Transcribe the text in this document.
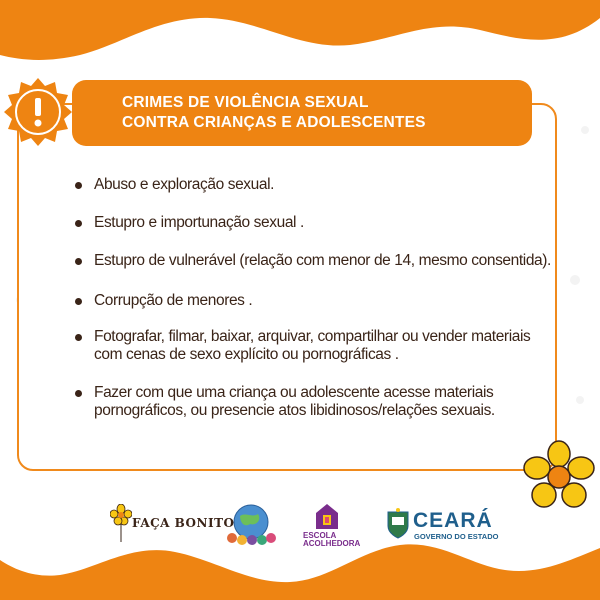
CRIMES DE VIOLÊNCIA SEXUAL
CONTRA CRIANÇAS E ADOLESCENTES
Abuso e exploração sexual.
Estupro e importunação sexual .
Estupro de vulnerável (relação com menor de 14, mesmo consentida).
Corrupção de menores .
Fotografar, filmar, baixar, arquivar, compartilhar ou vender materiais com cenas de sexo explícito ou pornográficas .
Fazer com que uma criança ou adolescente acesse materiais pornográficos, ou presencie atos libidinosos/relações sexuais.
FAÇA BONITO
ESCOLA
ACOLHEDORA
CEARÁ
GOVERNO DO ESTADO
